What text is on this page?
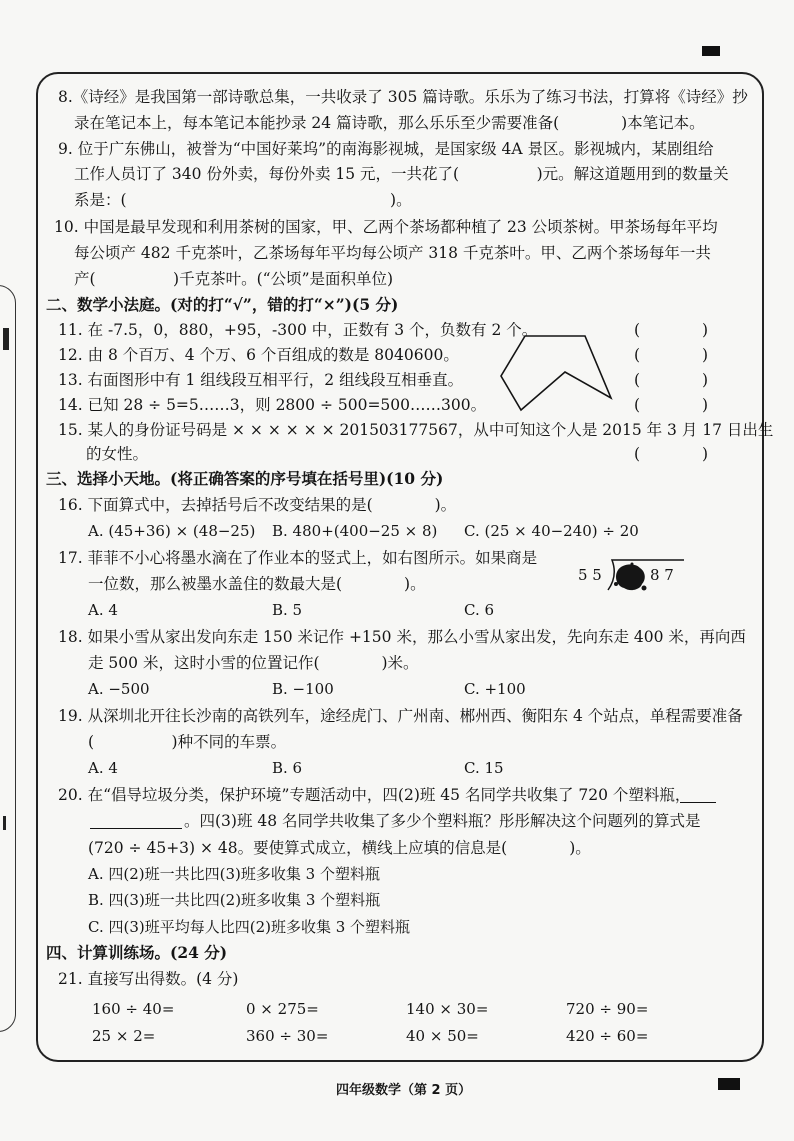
8.《诗经》是我国第一部诗歌总集，一共收录了 305 篇诗歌。乐乐为了练习书法，打算将《诗经》抄
录在笔记本上，每本笔记本能抄录 24 篇诗歌，那么乐乐至少需要准备(　　　　)本笔记本。
9. 位于广东佛山，被誉为“中国好莱坞”的南海影视城，是国家级 4A 景区。影视城内，某剧组给
工作人员订了 340 份外卖，每份外卖 15 元，一共花了(　　　　　)元。解这道题用到的数量关
系是：(　　　　　　　　　　　　　　　　　)。
10. 中国是最早发现和利用茶树的国家，甲、乙两个茶场都种植了 23 公顷茶树。甲茶场每年平均
每公顷产 482 千克茶叶，乙茶场每年平均每公顷产 318 千克茶叶。甲、乙两个茶场每年一共
产(　　　　　)千克茶叶。(“公顷”是面积单位)
二、数学小法庭。(对的打“√”，错的打“×”)(5 分)
11. 在 -7.5，0，880，+95，-300 中，正数有 3 个，负数有 2 个。	(　　　　)
12. 由 8 个百万、4 个万、6 个百组成的数是 8040600。	(　　　　)
13. 右面图形中有 1 组线段互相平行，2 组线段互相垂直。	(　　　　)
14. 已知 28 ÷ 5=5……3，则 2800 ÷ 500=500……300。	(　　　　)
15. 某人的身份证号码是 × × × × × × 201503177567，从中可知这个人是 2015 年 3 月 17 日出生
的女性。	(　　　　)
三、选择小天地。(将正确答案的序号填在括号里)(10 分)
16. 下面算式中，去掉括号后不改变结果的是(　　　　)。
A. (45+36) × (48−25) B. 480+(400−25 × 8) C. (25 × 40−240) ÷ 20
17. 菲菲不小心将墨水滴在了作业本的竖式上，如右图所示。如果商是
一位数，那么被墨水盖住的数最大是(　　　　)。
A. 4	B. 5	C. 6
5 5	8 7
18. 如果小雪从家出发向东走 150 米记作 +150 米，那么小雪从家出发，先向东走 400 米，再向西
走 500 米，这时小雪的位置记作(　　　　)米。
A. −500	B. −100	C. +100
19. 从深圳北开往长沙南的高铁列车，途经虎门、广州南、郴州西、衡阳东 4 个站点，单程需要准备
(　　　　　)种不同的车票。
A. 4	B. 6	C. 15
20. 在“倡导垃圾分类，保护环境”专题活动中，四(2)班 45 名同学共收集了 720 个塑料瓶，
。四(3)班 48 名同学共收集了多少个塑料瓶？彤彤解决这个问题列的算式是
(720 ÷ 45+3) × 48。要使算式成立，横线上应填的信息是(　　　　)。
A. 四(2)班一共比四(3)班多收集 3 个塑料瓶
B. 四(3)班一共比四(2)班多收集 3 个塑料瓶
C. 四(3)班平均每人比四(2)班多收集 3 个塑料瓶
四、计算训练场。(24 分)
21. 直接写出得数。(4 分)
160 ÷ 40=	0 × 275=	140 × 30=	720 ÷ 90=
25 × 2=	360 ÷ 30=	40 × 50=	420 ÷ 60=
四年级数学（第 2 页）
